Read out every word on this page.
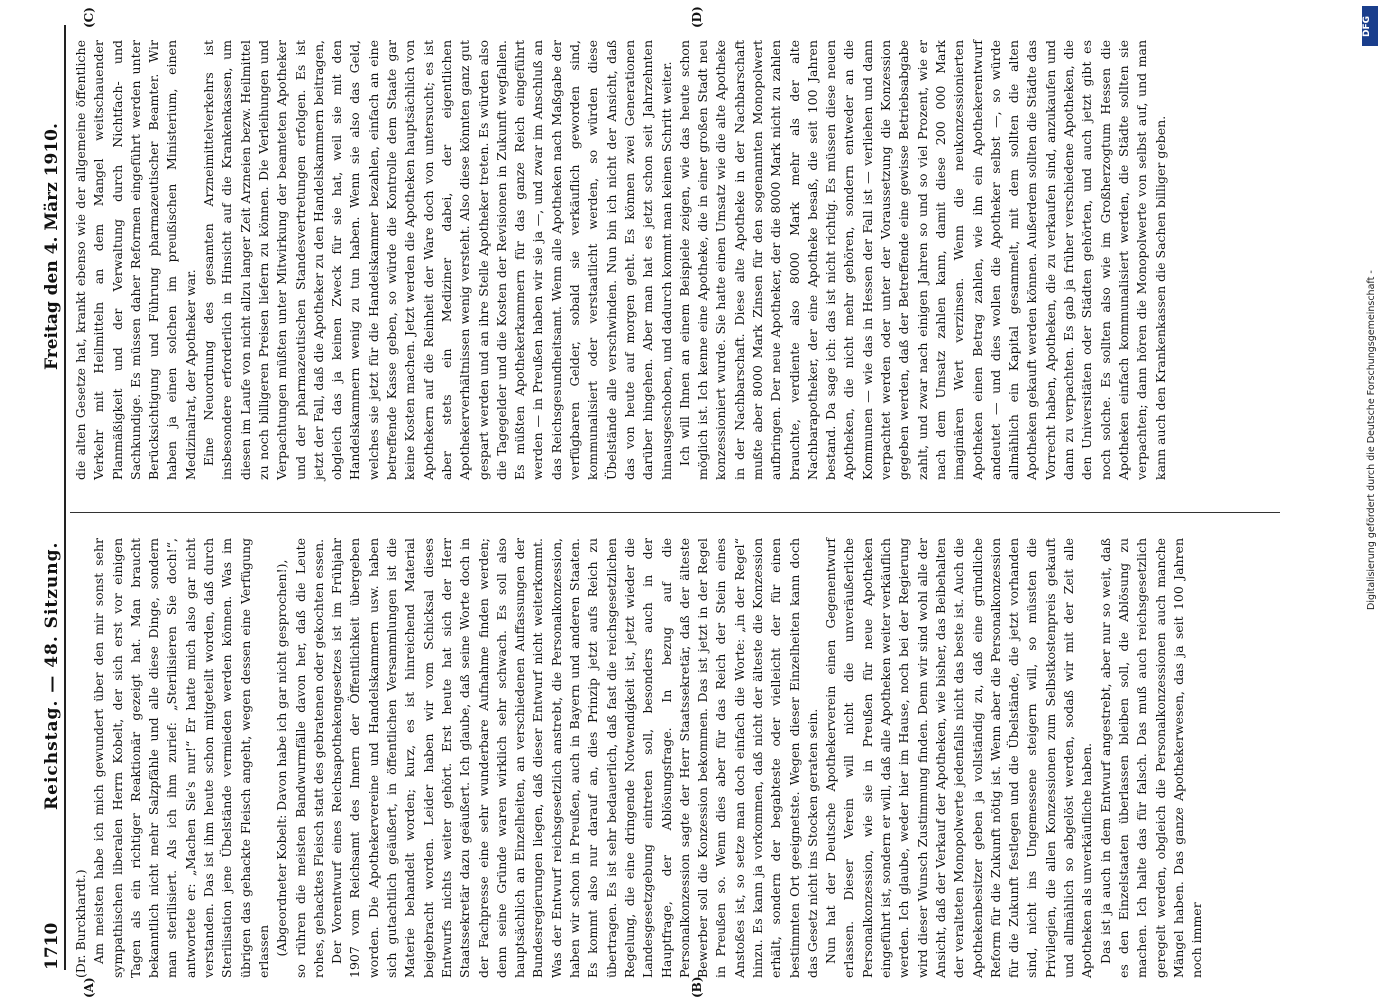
1710
Reichstag. — 48. Sitzung.
Freitag den 4. März 1910.
(A)	(B)
(C)	(D)

(Dr. Burckhardt.) Am meisten habe ich mich gewundert über den mir sonst sehr sympathischen liberalen Herrn Kobelt, der sich erst vor einigen Tagen als ein richtiger Reaktionär gezeigt hat. Man braucht bekanntlich nicht mehr Salzpfähle und alle diese Dinge, sondern man sterilisiert. Als ich ihm zurief: „Sterilisieren Sie doch!“, antwortete er: „Machen Sie's nur!“ Er hatte mich also gar nicht verstanden. Das ist ihm heute schon mitgeteilt worden, daß durch Sterilisation jene Übelstände vermieden werden können. Was im übrigen das gehackte Fleisch angeht, wegen dessen eine Verfügung erlassen (Abgeordneter Kobelt: Davon habe ich gar nicht gesprochen!), so rühren die meisten Bandwurmfälle davon her, daß die Leute rohes, gehacktes Fleisch statt des gebratenen oder gekochten essen. Der Vorentwurf eines Reichsapothekengesetzes ist im Frühjahr 1907 vom Reichsamt des Innern der Öffentlichkeit übergeben worden. Die Apothekervereine und Handelskammern usw. haben sich gutachtlich geäußert, in öffentlichen Versammlungen ist die Materie behandelt worden; kurz, es ist hinreichend Material beigebracht worden. Leider haben wir vom Schicksal dieses Entwurfs nichts weiter gehört. Erst heute hat sich der Herr Staatssekretär dazu geäußert. Ich glaube, daß seine Worte doch in der Fachpresse eine sehr wunderbare Aufnahme finden werden; denn seine Gründe waren wirklich sehr schwach. Es soll also hauptsächlich an Einzelheiten, an verschiedenen Auffassungen der Bundesregierungen liegen, daß dieser Entwurf nicht weiterkommt. Was der Entwurf reichsgesetzlich anstrebt, die Personalkonzession, haben wir schon in Preußen, auch in Bayern und anderen Staaten. Es kommt also nur darauf an, dies Prinzip jetzt aufs Reich zu übertragen. Es ist sehr bedauerlich, daß fast die reichsgesetzlichen Regelung, die eine dringende Notwendigkeit ist, jetzt wieder die Landesgesetzgebung eintreten soll, besonders auch in der Hauptfrage, der Ablösungsfrage. In bezug auf die Personalkonzession sagte der Herr Staatssekretär, daß der älteste Bewerber soll die Konzession bekommen. Das ist jetzt in der Regel in Preußen so. Wenn dies aber für das Reich der Stein eines Anstoßes ist, so setze man doch einfach die Worte: „in der Regel“ hinzu. Es kann ja vorkommen, daß nicht der älteste die Konzession erhält, sondern der begabteste oder vielleicht der für einen bestimmten Ort geeignetste. Wegen dieser Einzelheiten kann doch das Gesetz nicht ins Stocken geraten sein. Nun hat der Deutsche Apothekerverein einen Gegenentwurf erlassen. Dieser Verein will nicht die unveräußerliche Personalkonzession, wie sie in Preußen für neue Apotheken eingeführt ist, sondern er will, daß alle Apotheken weiter verkäuflich werden. Ich glaube, weder hier im Hause, noch bei der Regierung wird dieser Wunsch Zustimmung finden. Denn wir sind wohl alle der Ansicht, daß der Verkauf der Apotheken, wie bisher, das Beibehalten der veralteten Monopolwerte jedenfalls nicht das beste ist. Auch die Apothekenbesitzer geben ja vollständig zu, daß eine gründliche Reform für die Zukunft nötig ist. Wenn aber die Personalkonzession für die Zukunft festlegen und die Übelstände, die jetzt vorhanden sind, nicht ins Ungemessene steigern will, so müssten die Privilegien, die allen Konzessionen zum Selbstkostenpreis gekauft und allmählich so abgelöst werden, sodaß wir mit der Zeit alle Apotheken als unverkäufliche haben. Das ist ja auch in dem Entwurf angestrebt, aber nur so weit, daß es den Einzelstaaten überlassen bleiben soll, die Ablösung zu machen. Ich halte das für falsch. Das muß auch reichsgesetzlich geregelt werden, obgleich die Personalkonzessionen auch manche Mängel haben. Das ganze Apothekerwesen, das ja seit 100 Jahren noch immer

die alten Gesetze hat, krankt ebenso wie der allgemeine öffentliche Verkehr mit Heilmitteln an dem Mangel weitschauender Planmäßigkeit und der Verwaltung durch Nichtfach- und Sachkundige. Es müssen daher Reformen eingeführt werden unter Berücksichtigung und Führung pharmazeutischer Beamter. Wir haben ja einen solchen im preußischen Ministerium, einen Medizinalrat, der Apotheker war. Eine Neuordnung des gesamten Arzneimittelverkehrs ist insbesondere erforderlich in Hinsicht auf die Krankenkassen, um diesen im Laufe von nicht allzu langer Zeit Arzneien bezw. Heilmittel zu noch billigeren Preisen liefern zu können. Die Verleihungen und Verpachtungen müßten unter Mitwirkung der beamteten Apotheker und der pharmazeutischen Standesvertretungen erfolgen. Es ist jetzt der Fall, daß die Apotheker zu den Handelskammern beitragen, obgleich das ja keinen Zweck für sie hat, weil sie mit den Handelskammern wenig zu tun haben. Wenn sie also das Geld, welches sie jetzt für die Handelskammer bezahlen, einfach an eine betreffende Kasse geben, so würde die Kontrolle dem Staate gar keine Kosten machen. Jetzt werden die Apotheken hauptsächlich von Apothekern auf die Reinheit der Ware doch von untersucht; es ist aber stets ein Mediziner dabei, der eigentlichen Apothekerverhältnissen wenig versteht. Also diese könnten ganz gut gespart werden und an ihre Stelle Apotheker treten. Es würden also die Tagegelder und die Kosten der Revisionen in Zukunft wegfallen. Es müßten Apothekerkammern für das ganze Reich eingeführt werden — in Preußen haben wir sie ja —, und zwar im Anschluß an das Reichsgesundheitsamt. Wenn alle Apotheken nach Maßgabe der verfügbaren Gelder, sobald sie verkäuflich geworden sind, kommunalisiert oder verstaatlicht werden, so würden diese Übelstände alle verschwinden. Nun bin ich nicht der Ansicht, daß das von heute auf morgen geht. Es können zwei Generationen darüber hingehen. Aber man hat es jetzt schon seit Jahrzehnten hinausgeschoben, und dadurch kommt man keinen Schritt weiter. Ich will Ihnen an einem Beispiele zeigen, wie das heute schon möglich ist. Ich kenne eine Apotheke, die in einer großen Stadt neu konzessioniert wurde. Sie hatte einen Umsatz wie die alte Apotheke in der Nachbarschaft. Diese alte Apotheke in der Nachbarschaft mußte aber 8000 Mark Zinsen für den sogenannten Monopolwert aufbringen. Der neue Apotheker, der die 8000 Mark nicht zu zahlen brauchte, verdiente also 8000 Mark mehr als der alte Nachbarapotheker, der eine Apotheke besaß, die seit 100 Jahren bestand. Da sage ich: das ist nicht richtig. Es müssen diese neuen Apotheken, die nicht mehr gehören, sondern entweder an die Kommunen — wie das in Hessen der Fall ist — verliehen und dann verpachtet werden oder unter der Voraussetzung die Konzession gegeben werden, daß der Betreffende eine gewisse Betriebsabgabe zahlt, und zwar nach einigen Jahren so und so viel Prozent, wie er nach dem Umsatz zahlen kann, damit diese 200 000 Mark imaginären Wert verzinsen. Wenn die neukonzessionierten Apotheken einen Betrag zahlen, wie ihn ein Apothekerentwurf andeutet — und dies wollen die Apotheker selbst —, so würde allmählich ein Kapital gesammelt, mit dem sollten die alten Apotheken gekauft werden können. Außerdem sollten die Städte das Vorrecht haben, Apotheken, die zu verkaufen sind, anzukaufen und dann zu verpachten. Es gab ja früher verschiedene Apotheken, die den Universitäten oder Städten gehörten, und auch jetzt gibt es noch solche. Es sollten also wie im Großherzogtum Hessen die Apotheken einfach kommunalisiert werden, die Städte sollten sie verpachten; dann hören die Monopolwerte von selbst auf, und man kann auch den Krankenkassen die Sachen billiger geben.

DFG
Digitalisierung gefördert durch die Deutsche Forschungsgemeinschaft -
